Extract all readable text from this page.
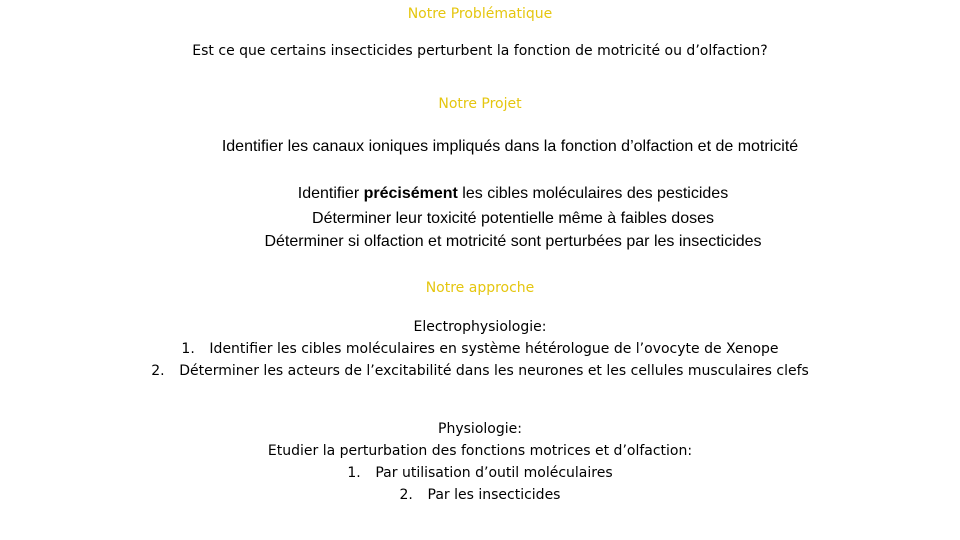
Notre Problématique
Est ce que certains insecticides perturbent la fonction de motricité ou d’olfaction?
Notre Projet
Identifier les canaux ioniques impliqués dans la fonction d’olfaction et de motricité
Identifier précisément les cibles moléculaires des pesticides
Déterminer leur toxicité potentielle même à faibles doses
Déterminer si olfaction et motricité sont perturbées par les insecticides
Notre approche
Electrophysiologie:
1. Identifier les cibles moléculaires en système hétérologue de l’ovocyte de Xenope
2. Déterminer les acteurs de l’excitabilité dans les neurones et les cellules musculaires clefs
Physiologie:
Etudier la perturbation des fonctions motrices et d’olfaction:
1. Par utilisation d’outil moléculaires
2. Par les insecticides
